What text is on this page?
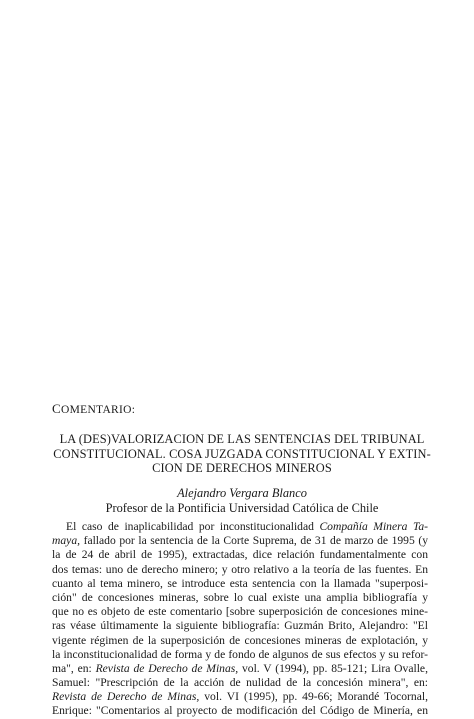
COMENTARIO:
LA (DES)VALORIZACION DE LAS SENTENCIAS DEL TRIBUNAL
CONSTITUCIONAL. COSA JUZGADA CONSTITUCIONAL Y EXTIN-
CION DE DERECHOS MINEROS
Alejandro Vergara Blanco
Profesor de la Pontificia Universidad Católica de Chile
El caso de inaplicabilidad por inconstitucionalidad Compañía Minera Ta-
maya, fallado por la sentencia de la Corte Suprema, de 31 de marzo de 1995 (y
la de 24 de abril de 1995), extractadas, dice relación fundamentalmente con
dos temas: uno de derecho minero; y otro relativo a la teoría de las fuentes. En
cuanto al tema minero, se introduce esta sentencia con la llamada "superposi-
ción" de concesiones mineras, sobre lo cual existe una amplia bibliografía y
que no es objeto de este comentario [sobre superposición de concesiones mine-
ras véase últimamente la siguiente bibliografía: Guzmán Brito, Alejandro: "El
vigente régimen de la superposición de concesiones mineras de explotación, y
la inconstitucionalidad de forma y de fondo de algunos de sus efectos y su refor-
ma", en: Revista de Derecho de Minas, vol. V (1994), pp. 85-121; Lira Ovalle,
Samuel: "Prescripción de la acción de nulidad de la concesión minera", en:
Revista de Derecho de Minas, vol. VI (1995), pp. 49-66; Morandé Tocornal,
Enrique: "Comentarios al proyecto de modificación del Código de Minería, en
